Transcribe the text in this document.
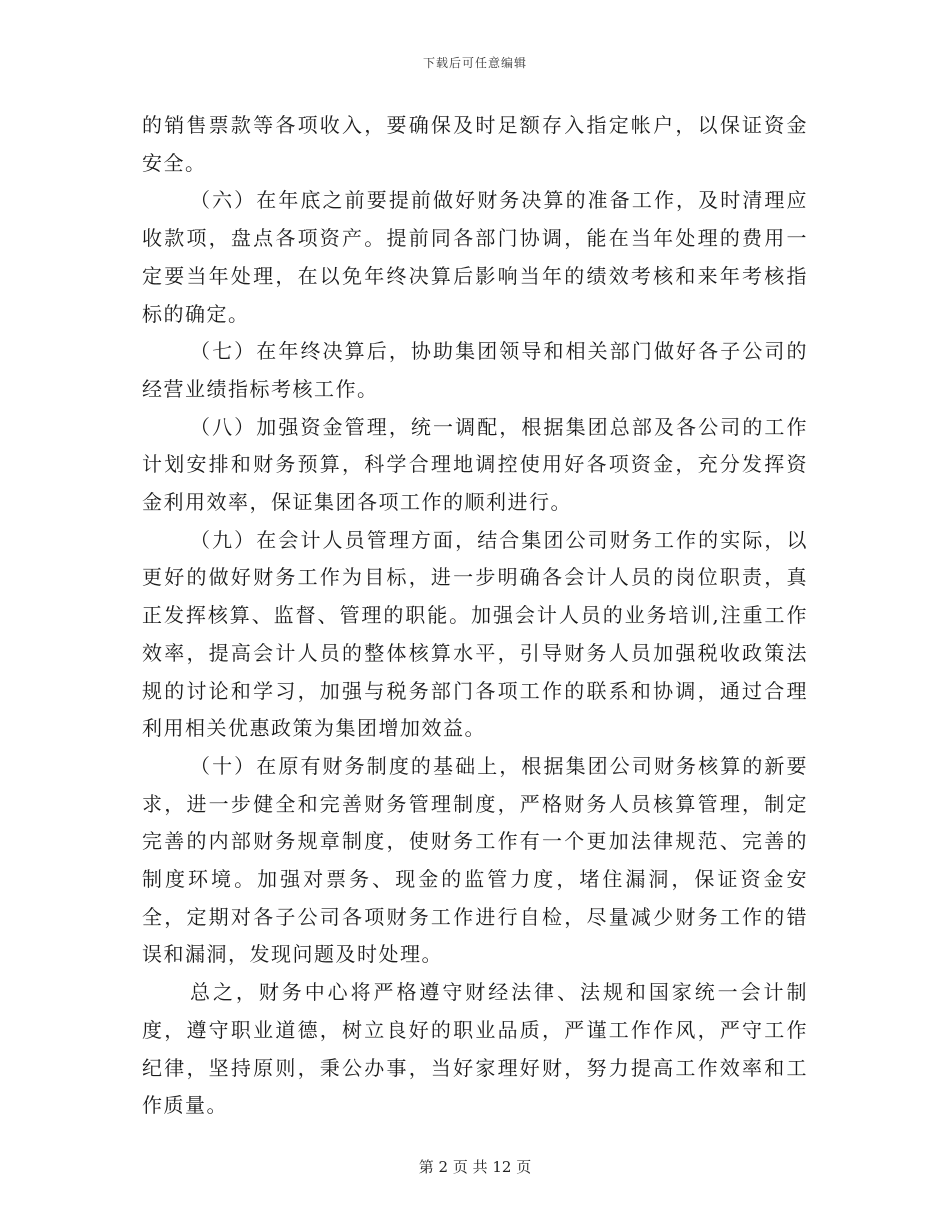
下载后可任意编辑

的销售票款等各项收入，要确保及时足额存入指定帐户，以保证资金安全。

（六）在年底之前要提前做好财务决算的准备工作，及时清理应收款项，盘点各项资产。提前同各部门协调，能在当年处理的费用一定要当年处理，在以免年终决算后影响当年的绩效考核和来年考核指标的确定。

（七）在年终决算后，协助集团领导和相关部门做好各子公司的经营业绩指标考核工作。

（八）加强资金管理，统一调配，根据集团总部及各公司的工作计划安排和财务预算，科学合理地调控使用好各项资金，充分发挥资金利用效率，保证集团各项工作的顺利进行。

（九）在会计人员管理方面，结合集团公司财务工作的实际，以更好的做好财务工作为目标，进一步明确各会计人员的岗位职责，真正发挥核算、监督、管理的职能。加强会计人员的业务培训,注重工作效率，提高会计人员的整体核算水平，引导财务人员加强税收政策法规的讨论和学习，加强与税务部门各项工作的联系和协调，通过合理利用相关优惠政策为集团增加效益。

（十）在原有财务制度的基础上，根据集团公司财务核算的新要求，进一步健全和完善财务管理制度，严格财务人员核算管理，制定完善的内部财务规章制度，使财务工作有一个更加法律规范、完善的制度环境。加强对票务、现金的监管力度，堵住漏洞，保证资金安全，定期对各子公司各项财务工作进行自检，尽量减少财务工作的错误和漏洞，发现问题及时处理。

总之，财务中心将严格遵守财经法律、法规和国家统一会计制度，遵守职业道德，树立良好的职业品质，严谨工作作风，严守工作纪律，坚持原则，秉公办事，当好家理好财，努力提高工作效率和工作质量。

第 2 页 共 12 页
